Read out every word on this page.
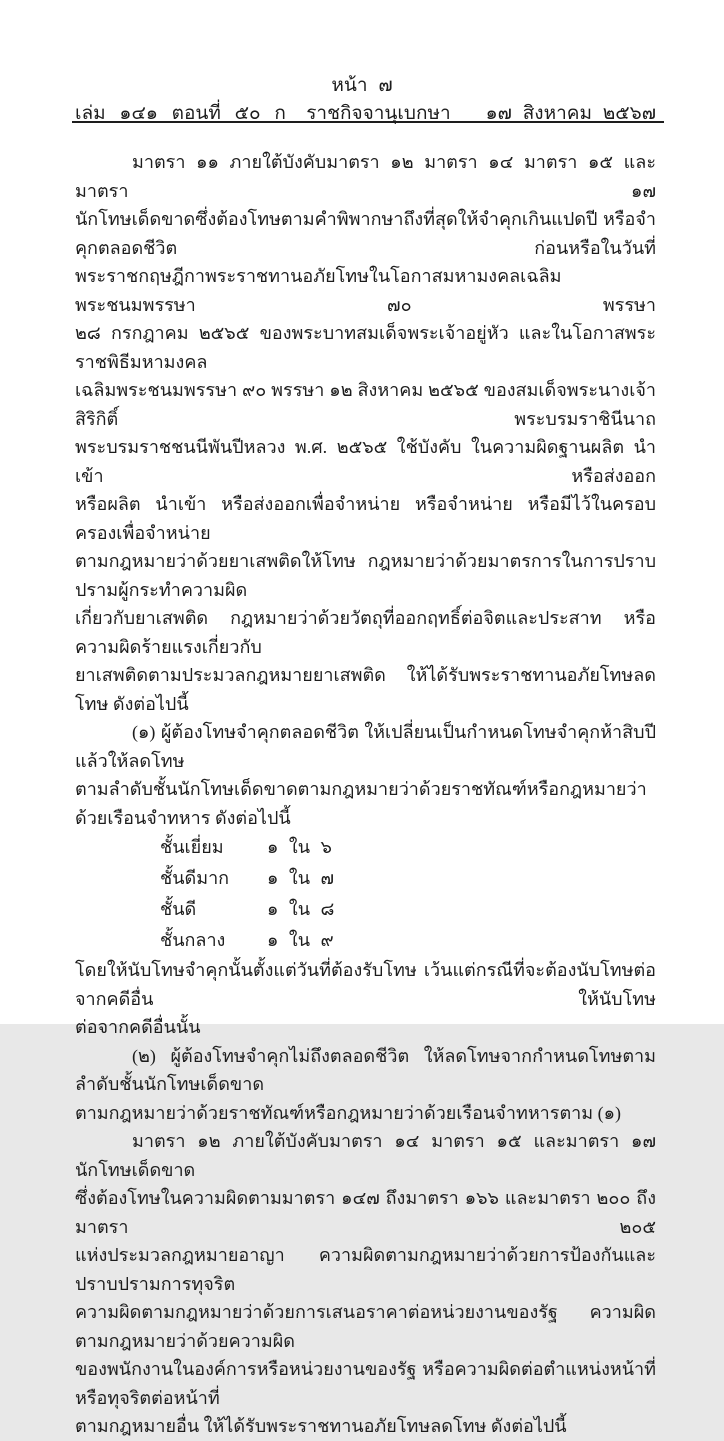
หน้า ๗
เล่ม ๑๔๑ ตอนที่ ๕๐ ก	ราชกิจจานุเบกษา	๑๗ สิงหาคม ๒๕๖๗
มาตรา ๑๑ ภายใต้บังคับมาตรา ๑๒ มาตรา ๑๔ มาตรา ๑๕ และมาตรา ๑๗
นักโทษเด็ดขาดซึ่งต้องโทษตามคำพิพากษาถึงที่สุดให้จำคุกเกินแปดปี หรือจำคุกตลอดชีวิต ก่อนหรือในวันที่
พระราชกฤษฎีกาพระราชทานอภัยโทษในโอกาสมหามงคลเฉลิมพระชนมพรรษา ๗๐ พรรษา
๒๘ กรกฎาคม ๒๕๖๕ ของพระบาทสมเด็จพระเจ้าอยู่หัว และในโอกาสพระราชพิธีมหามงคล
เฉลิมพระชนมพรรษา ๙๐ พรรษา ๑๒ สิงหาคม ๒๕๖๕ ของสมเด็จพระนางเจ้าสิริกิติ์ พระบรมราชินีนาถ
พระบรมราชชนนีพันปีหลวง พ.ศ. ๒๕๖๕ ใช้บังคับ ในความผิดฐานผลิต นำเข้า หรือส่งออก
หรือผลิต นำเข้า หรือส่งออกเพื่อจำหน่าย หรือจำหน่าย หรือมีไว้ในครอบครองเพื่อจำหน่าย
ตามกฎหมายว่าด้วยยาเสพติดให้โทษ กฎหมายว่าด้วยมาตรการในการปราบปรามผู้กระทำความผิด
เกี่ยวกับยาเสพติด กฎหมายว่าด้วยวัตถุที่ออกฤทธิ์ต่อจิตและประสาท หรือความผิดร้ายแรงเกี่ยวกับ
ยาเสพติดตามประมวลกฎหมายยาเสพติด ให้ได้รับพระราชทานอภัยโทษลดโทษ ดังต่อไปนี้
(๑) ผู้ต้องโทษจำคุกตลอดชีวิต ให้เปลี่ยนเป็นกำหนดโทษจำคุกห้าสิบปีแล้วให้ลดโทษ
ตามลำดับชั้นนักโทษเด็ดขาดตามกฎหมายว่าด้วยราชทัณฑ์หรือกฎหมายว่าด้วยเรือนจำทหาร ดังต่อไปนี้
ชั้นเยี่ยม	๑ ใน ๖
ชั้นดีมาก	๑ ใน ๗
ชั้นดี	๑ ใน ๘
ชั้นกลาง	๑ ใน ๙
โดยให้นับโทษจำคุกนั้นตั้งแต่วันที่ต้องรับโทษ เว้นแต่กรณีที่จะต้องนับโทษต่อจากคดีอื่น ให้นับโทษ
ต่อจากคดีอื่นนั้น
(๒) ผู้ต้องโทษจำคุกไม่ถึงตลอดชีวิต ให้ลดโทษจากกำหนดโทษตามลำดับชั้นนักโทษเด็ดขาด
ตามกฎหมายว่าด้วยราชทัณฑ์หรือกฎหมายว่าด้วยเรือนจำทหารตาม (๑)
มาตรา ๑๒ ภายใต้บังคับมาตรา ๑๔ มาตรา ๑๕ และมาตรา ๑๗ นักโทษเด็ดขาด
ซึ่งต้องโทษในความผิดตามมาตรา ๑๔๗ ถึงมาตรา ๑๖๖ และมาตรา ๒๐๐ ถึงมาตรา ๒๐๕
แห่งประมวลกฎหมายอาญา ความผิดตามกฎหมายว่าด้วยการป้องกันและปราบปรามการทุจริต
ความผิดตามกฎหมายว่าด้วยการเสนอราคาต่อหน่วยงานของรัฐ ความผิดตามกฎหมายว่าด้วยความผิด
ของพนักงานในองค์การหรือหน่วยงานของรัฐ หรือความผิดต่อตำแหน่งหน้าที่หรือทุจริตต่อหน้าที่
ตามกฎหมายอื่น ให้ได้รับพระราชทานอภัยโทษลดโทษ ดังต่อไปนี้
